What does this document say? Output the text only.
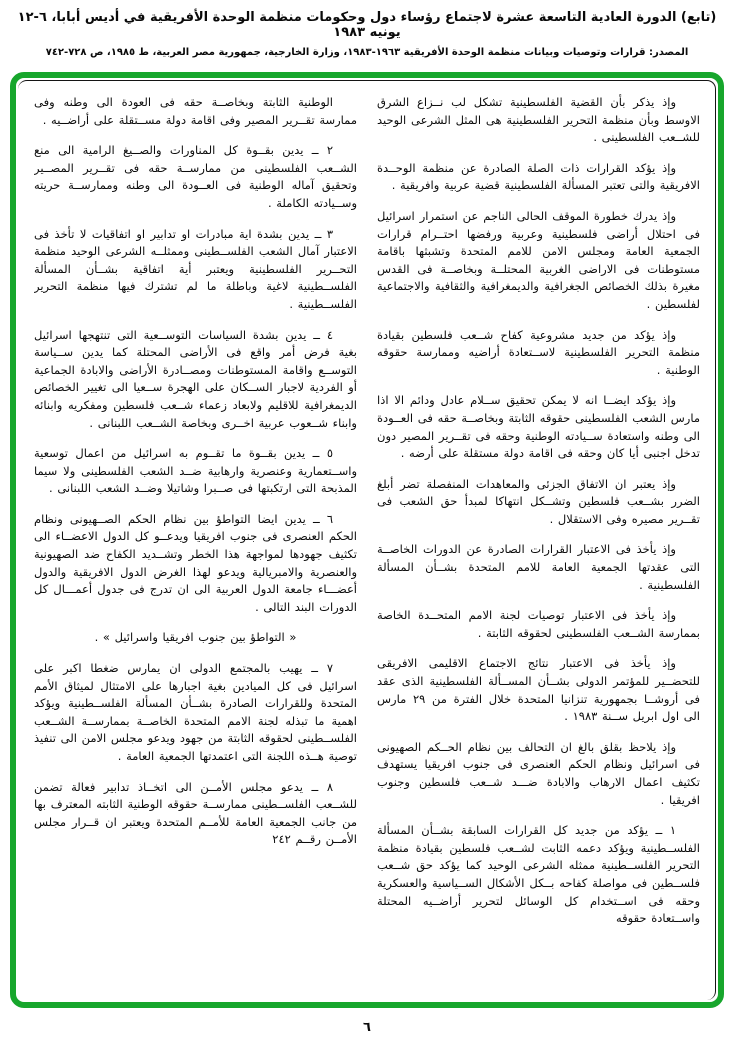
(تابع) الدورة العادية التاسعة عشرة لاجتماع رؤساء دول وحكومات منظمة الوحدة الأفريقية في أديس أبابا، ٦-١٢ يونيه ١٩٨٣
المصدر: قرارات وتوصيات وبيانات منظمة الوحدة الأفريقية ١٩٦٣-١٩٨٣، وزارة الخارجية، جمهورية مصر العربية، ط ١٩٨٥، ص ٧٢٨-٧٤٢

وإذ يذكر بأن القضية الفلسطينية تشكل لب نــزاع الشرق الاوسط وبأن منظمة التحرير الفلسطينية هى المثل الشرعى الوحيد للشــعب الفلسطينى .

وإذ يؤكد القرارات ذات الصلة الصادرة عن منظمة الوحــدة الافريقية والتى تعتبر المسألة الفلسطينية قضية عربية وافريقية .

وإذ يدرك خطورة الموقف الحالى الناجم عن استمرار اسرائيل فى احتلال أراضى فلسطينية وعربية ورفضها احتــرام قرارات الجمعية العامة ومجلس الامن للامم المتحدة وتشبثها باقامة مستوطنات فى الاراضى الغربية المحتلــة وبخاصــة فى القدس مغيرة بذلك الخصائص الجغرافية والديمغرافية والثقافية والاجتماعية لفلسطين .

وإذ يؤكد من جديد مشروعية كفاح شــعب فلسطين بقيادة منظمة التحرير الفلسطينية لاســتعادة أراضيه وممارسة حقوقه الوطنية .

وإذ يؤكد ايضــا انه لا يمكن تحقيق ســلام عادل ودائم الا اذا مارس الشعب الفلسطينى حقوقه الثابتة وبخاصــة حقه فى العــودة الى وطنه واستعادة ســيادته الوطنية وحقه فى تقــرير المصير دون تدخل اجنبى أيا كان وحقه فى اقامة دولة مستقلة على أرضه .

وإذ يعتبر ان الاتفاق الجزئى والمعاهدات المنفصلة تضر أبلغ الضرر بشــعب فلسطين وتشــكل انتهاكا لمبدأ حق الشعب فى تقــرير مصيره وفى الاستقلال .

وإذ يأخذ فى الاعتبار القرارات الصادرة عن الدورات الخاصــة التى عقدتها الجمعية العامة للامم المتحدة بشــأن المسألة الفلسطينية .

وإذ يأخذ فى الاعتبار توصيات لجنة الامم المتحــدة الخاصة بممارسة الشــعب الفلسطينى لحقوقه الثابتة .

وإذ يأخذ فى الاعتبار نتائج الاجتماع الاقليمى الافريقى للتحضــير للمؤتمر الدولى بشــأن المســألة الفلسطينية الذى عقد فى أروشــا بجمهورية تنزانيا المتحدة خلال الفترة من ٢٩ مارس الى اول ابريل ســنة ١٩٨٣ .

وإذ يلاحظ بقلق بالغ ان التحالف بين نظام الحــكم الصهيونى فى اسرائيل ونظام الحكم العنصرى فى جنوب افريقيا يستهدف تكثيف اعمال الارهاب والابادة ضـــد شــعب فلسطين وجنوب افريقيا .

١ ــ يؤكد من جديد كل القرارات السابقة بشــأن المسألة الفلســطينية ويؤكد دعمه الثابت لشــعب فلسطين بقيادة منظمة التحرير الفلســطينية ممثله الشرعى الوحيد كما يؤكد حق شــعب فلســطين فى مواصلة كفاحه بــكل الأشكال الســياسية والعسكرية وحقه فى اســتخدام كل الوسائل لتحرير أراضــيه المحتلة واســتعادة حقوقه

الوطنية الثابتة وبخاصــة حقه فى العودة الى وطنه وفى ممارسة تقــرير المصير وفى اقامة دولة مســتقلة على أراضــيه .

٢ ــ يدين بقــوة كل المناورات والصــيغ الرامية الى منع الشــعب الفلسطينى من ممارســة حقه فى تقــرير المصــير وتحقيق آماله الوطنية فى العــودة الى وطنه وممارســة حريته وســيادته الكاملة .

٣ ــ يدين بشدة اية مبادرات او تدابير او اتفاقيات لا تأخذ فى الاعتبار آمال الشعب الفلســطينى وممثلــه الشرعى الوحيد منظمة التحــرير الفلسطينية ويعتبر أية اتفاقية بشــأن المسألة الفلســطينية لاغية وباطلة ما لم تشترك فيها منظمة التحرير الفلســطينية .

٤ ــ يدين بشدة السياسات التوســعية التى تنتهجها اسرائيل بغية فرض أمر واقع فى الأراضى المحتلة كما يدين ســياسة التوســع واقامة المستوطنات ومصــادرة الأراضى والابادة الجماعية أو الفردية لاجبار الســكان على الهجرة ســعيا الى تغيير الخصائص الديمغرافية للاقليم ولابعاد زعماء شــعب فلسطين ومفكريه وابنائه وابناء شــعوب عربية اخــرى وبخاصة الشــعب اللبنانى .

٥ ــ يدين بقــوة ما تقــوم به اسرائيل من اعمال توسعية واســتعمارية وعنصرية وارهابية ضــد الشعب الفلسطينى ولا سيما المذبحة التى ارتكبتها فى صــبرا وشاتيلا وضــد الشعب اللبنانى .

٦ ــ يدين ايضا التواطؤ بين نظام الحكم الصــهيونى ونظام الحكم العنصرى فى جنوب افريقيا ويدعــو كل الدول الاعضــاء الى تكثيف جهودها لمواجهة هذا الخطر وتشــديد الكفاح ضد الصهيونية والعنصرية والامبريالية ويدعو لهذا الغرض الدول الافريقية والدول أعضـــاء جامعة الدول العربية الى ان تدرج فى جدول أعمـــال كل الدورات البند التالى .

« التواطؤ بين جنوب افريقيا واسرائيل » .

٧ ــ يهيب بالمجتمع الدولى ان يمارس ضغطا اكبر على اسرائيل فى كل الميادين بغية اجبارها على الامتثال لميثاق الأمم المتحدة وللقرارات الصادرة بشــأن المسألة الفلســطينية ويؤكد اهمية ما تبذله لجنة الامم المتحدة الخاصــة بممارســة الشــعب الفلســطينى لحقوقه الثابتة من جهود ويدعو مجلس الامن الى تنفيذ توصية هــذه اللجنة التى اعتمدتها الجمعية العامة .

٨ ــ يدعو مجلس الأمــن الى اتخــاذ تدابير فعالة تضمن للشــعب الفلســطينى ممارســة حقوقه الوطنية الثابته المعترف بها من جانب الجمعية العامة للأمــم المتحدة ويعتبر ان قــرار مجلس الأمــن رقــم ٢٤٢

٦
